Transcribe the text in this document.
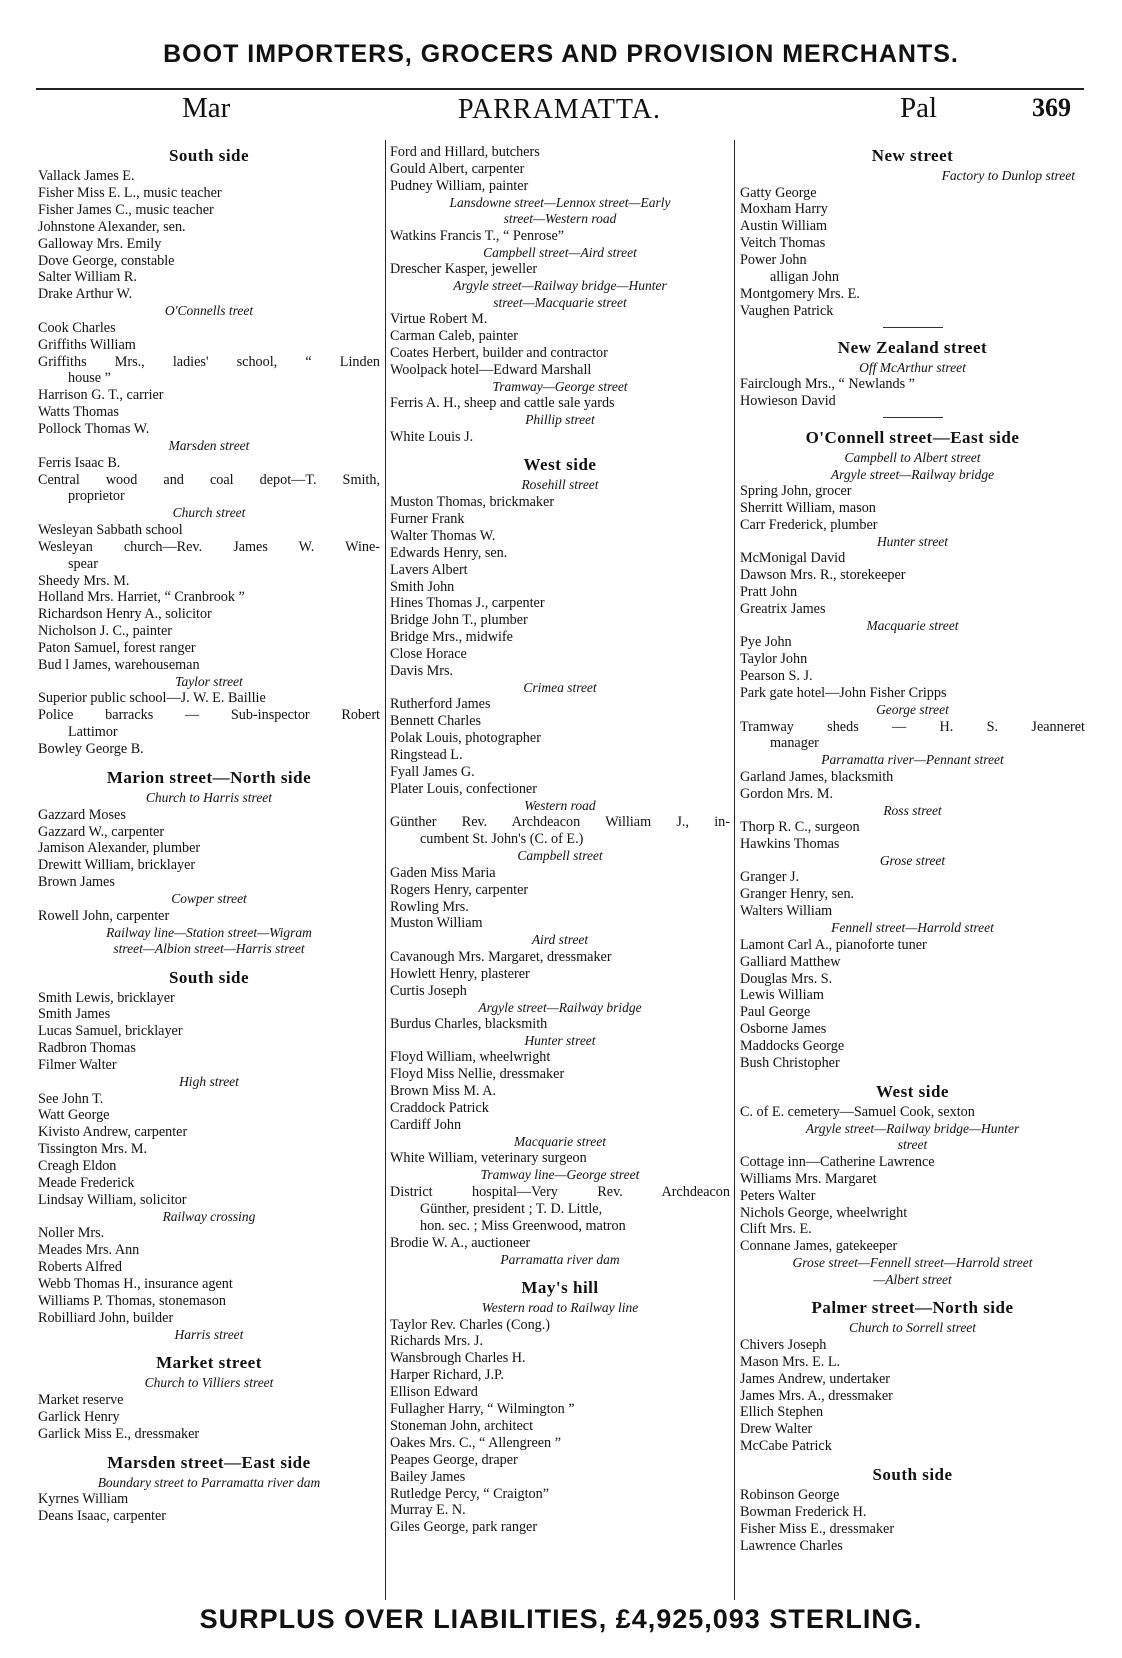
BOOT IMPORTERS, GROCERS AND PROVISION MERCHANTS.
Mar	PARRAMATTA.	Pal	369
South side
Vallack James E.
Fisher Miss E. L., music teacher
Fisher James C., music teacher
Johnstone Alexander, sen.
Galloway Mrs. Emily
Dove George, constable
Salter William R.
Drake Arthur W.
O'Connells treet
Cook Charles
Griffiths William
Griffiths Mrs., ladies' school, “ Linden
house ”
Harrison G. T., carrier
Watts Thomas
Pollock Thomas W.
Marsden street
Ferris Isaac B.
Central wood and coal depot—T. Smith,
proprietor
Church street
Wesleyan Sabbath school
Wesleyan church—Rev. James W. Wine-
spear
Sheedy Mrs. M.
Holland Mrs. Harriet, “ Cranbrook ”
Richardson Henry A., solicitor
Nicholson J. C., painter
Paton Samuel, forest ranger
Bud l James, warehouseman
Taylor street
Superior public school—J. W. E. Baillie
Police barracks — Sub-inspector Robert
Lattimor
Bowley George B.
Marion street—North side
Church to Harris street
Gazzard Moses
Gazzard W., carpenter
Jamison Alexander, plumber
Drewitt William, bricklayer
Brown James
Cowper street
Rowell John, carpenter
Railway line—Station street—Wigram
street—Albion street—Harris street
South side
Smith Lewis, bricklayer
Smith James
Lucas Samuel, bricklayer
Radbron Thomas
Filmer Walter
High street
See John T.
Watt George
Kivisto Andrew, carpenter
Tissington Mrs. M.
Creagh Eldon
Meade Frederick
Lindsay William, solicitor
Railway crossing
Noller Mrs.
Meades Mrs. Ann
Roberts Alfred
Webb Thomas H., insurance agent
Williams P. Thomas, stonemason
Robilliard John, builder
Harris street
Market street
Church to Villiers street
Market reserve
Garlick Henry
Garlick Miss E., dressmaker
Marsden street—East side
Boundary street to Parramatta river dam
Kyrnes William
Deans Isaac, carpenter
Ford and Hillard, butchers
Gould Albert, carpenter
Pudney William, painter
Lansdowne street—Lennox street—Early
street—Western road
Watkins Francis T., “ Penrose”
Campbell street—Aird street
Drescher Kasper, jeweller
Argyle street—Railway bridge—Hunter
street—Macquarie street
Virtue Robert M.
Carman Caleb, painter
Coates Herbert, builder and contractor
Woolpack hotel—Edward Marshall
Tramway—George street
Ferris A. H., sheep and cattle sale yards
Phillip street
White Louis J.
West side
Rosehill street
Muston Thomas, brickmaker
Furner Frank
Walter Thomas W.
Edwards Henry, sen.
Lavers Albert
Smith John
Hines Thomas J., carpenter
Bridge John T., plumber
Bridge Mrs., midwife
Close Horace
Davis Mrs.
Crimea street
Rutherford James
Bennett Charles
Polak Louis, photographer
Ringstead L.
Fyall James G.
Plater Louis, confectioner
Western road
Günther Rev. Archdeacon William J., in-
cumbent St. John's (C. of E.)
Campbell street
Gaden Miss Maria
Rogers Henry, carpenter
Rowling Mrs.
Muston William
Aird street
Cavanough Mrs. Margaret, dressmaker
Howlett Henry, plasterer
Curtis Joseph
Argyle street—Railway bridge
Burdus Charles, blacksmith
Hunter street
Floyd William, wheelwright
Floyd Miss Nellie, dressmaker
Brown Miss M. A.
Craddock Patrick
Cardiff John
Macquarie street
White William, veterinary surgeon
Tramway line—George street
District hospital—Very Rev. Archdeacon
Günther, president ; T. D. Little,
hon. sec. ; Miss Greenwood, matron
Brodie W. A., auctioneer
Parramatta river dam
May's hill
Western road to Railway line
Taylor Rev. Charles (Cong.)
Richards Mrs. J.
Wansbrough Charles H.
Harper Richard, J.P.
Ellison Edward
Fullagher Harry, “ Wilmington ”
Stoneman John, architect
Oakes Mrs. C., “ Allengreen ”
Peapes George, draper
Bailey James
Rutledge Percy, “ Craigton”
Murray E. N.
Giles George, park ranger
New street
Factory to Dunlop street
Gatty George
Moxham Harry
Austin William
Veitch Thomas
Power John
alligan John
Montgomery Mrs. E.
Vaughen Patrick
New Zealand street
Off McArthur street
Fairclough Mrs., “ Newlands ”
Howieson David
O'Connell street—East side
Campbell to Albert street
Argyle street—Railway bridge
Spring John, grocer
Sherritt William, mason
Carr Frederick, plumber
Hunter street
McMonigal David
Dawson Mrs. R., storekeeper
Pratt John
Greatrix James
Macquarie street
Pye John
Taylor John
Pearson S. J.
Park gate hotel—John Fisher Cripps
George street
Tramway sheds — H. S. Jeanneret
manager
Parramatta river—Pennant street
Garland James, blacksmith
Gordon Mrs. M.
Ross street
Thorp R. C., surgeon
Hawkins Thomas
Grose street
Granger J.
Granger Henry, sen.
Walters William
Fennell street—Harrold street
Lamont Carl A., pianoforte tuner
Galliard Matthew
Douglas Mrs. S.
Lewis William
Paul George
Osborne James
Maddocks George
Bush Christopher
West side
C. of E. cemetery—Samuel Cook, sexton
Argyle street—Railway bridge—Hunter
street
Cottage inn—Catherine Lawrence
Williams Mrs. Margaret
Peters Walter
Nichols George, wheelwright
Clift Mrs. E.
Connane James, gatekeeper
Grose street—Fennell street—Harrold street
—Albert street
Palmer street—North side
Church to Sorrell street
Chivers Joseph
Mason Mrs. E. L.
James Andrew, undertaker
James Mrs. A., dressmaker
Ellich Stephen
Drew Walter
McCabe Patrick
South side
Robinson George
Bowman Frederick H.
Fisher Miss E., dressmaker
Lawrence Charles
SURPLUS OVER LIABILITIES, £4,925,093 STERLING.
